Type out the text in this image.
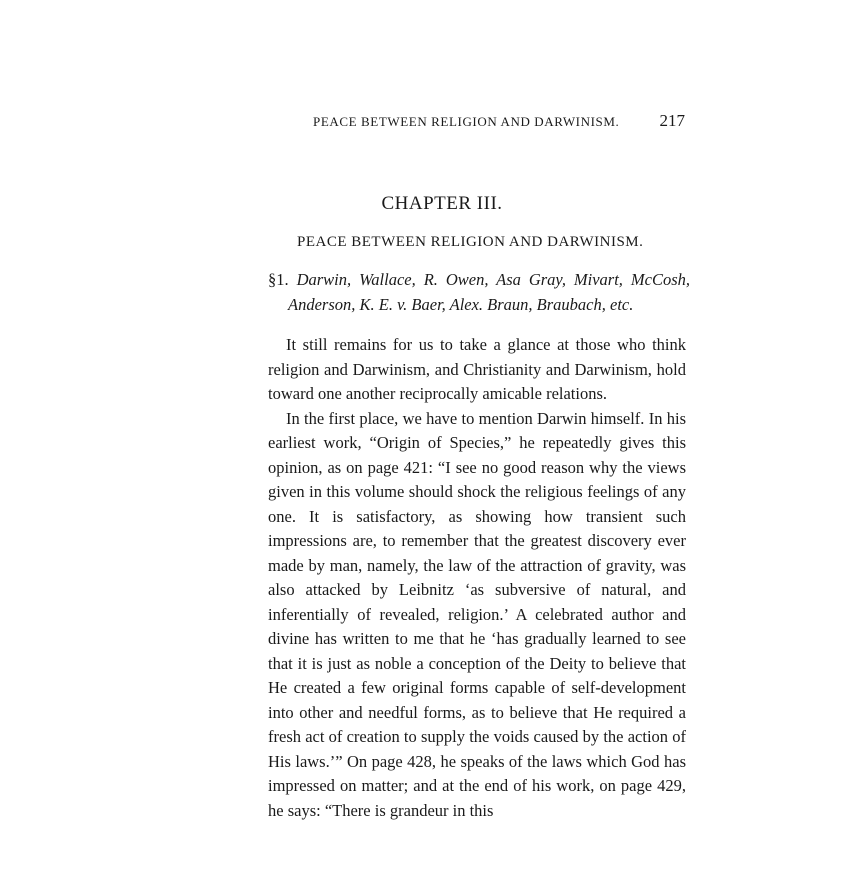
PEACE BETWEEN RELIGION AND DARWINISM. 217
CHAPTER III.
PEACE BETWEEN RELIGION AND DARWINISM.
§1. Darwin, Wallace, R. Owen, Asa Gray, Mivart, McCosh, Anderson, K. E. v. Baer, Alex. Braun, Braubach, etc.

It still remains for us to take a glance at those who think religion and Darwinism, and Christianity and Darwinism, hold toward one another reciprocally amicable relations.

In the first place, we have to mention Darwin himself. In his earliest work, “Origin of Species,” he repeatedly gives this opinion, as on page 421: “I see no good reason why the views given in this volume should shock the religious feelings of any one. It is satisfactory, as showing how transient such impressions are, to remember that the greatest discovery ever made by man, namely, the law of the attraction of gravity, was also attacked by Leibnitz ‘as subversive of natural, and inferentially of revealed, religion.’ A celebrated author and divine has written to me that he ‘has gradually learned to see that it is just as noble a conception of the Deity to believe that He created a few original forms capable of self-development into other and needful forms, as to believe that He required a fresh act of creation to supply the voids caused by the action of His laws.’” On page 428, he speaks of the laws which God has impressed on matter; and at the end of his work, on page 429, he says: “There is grandeur in this
